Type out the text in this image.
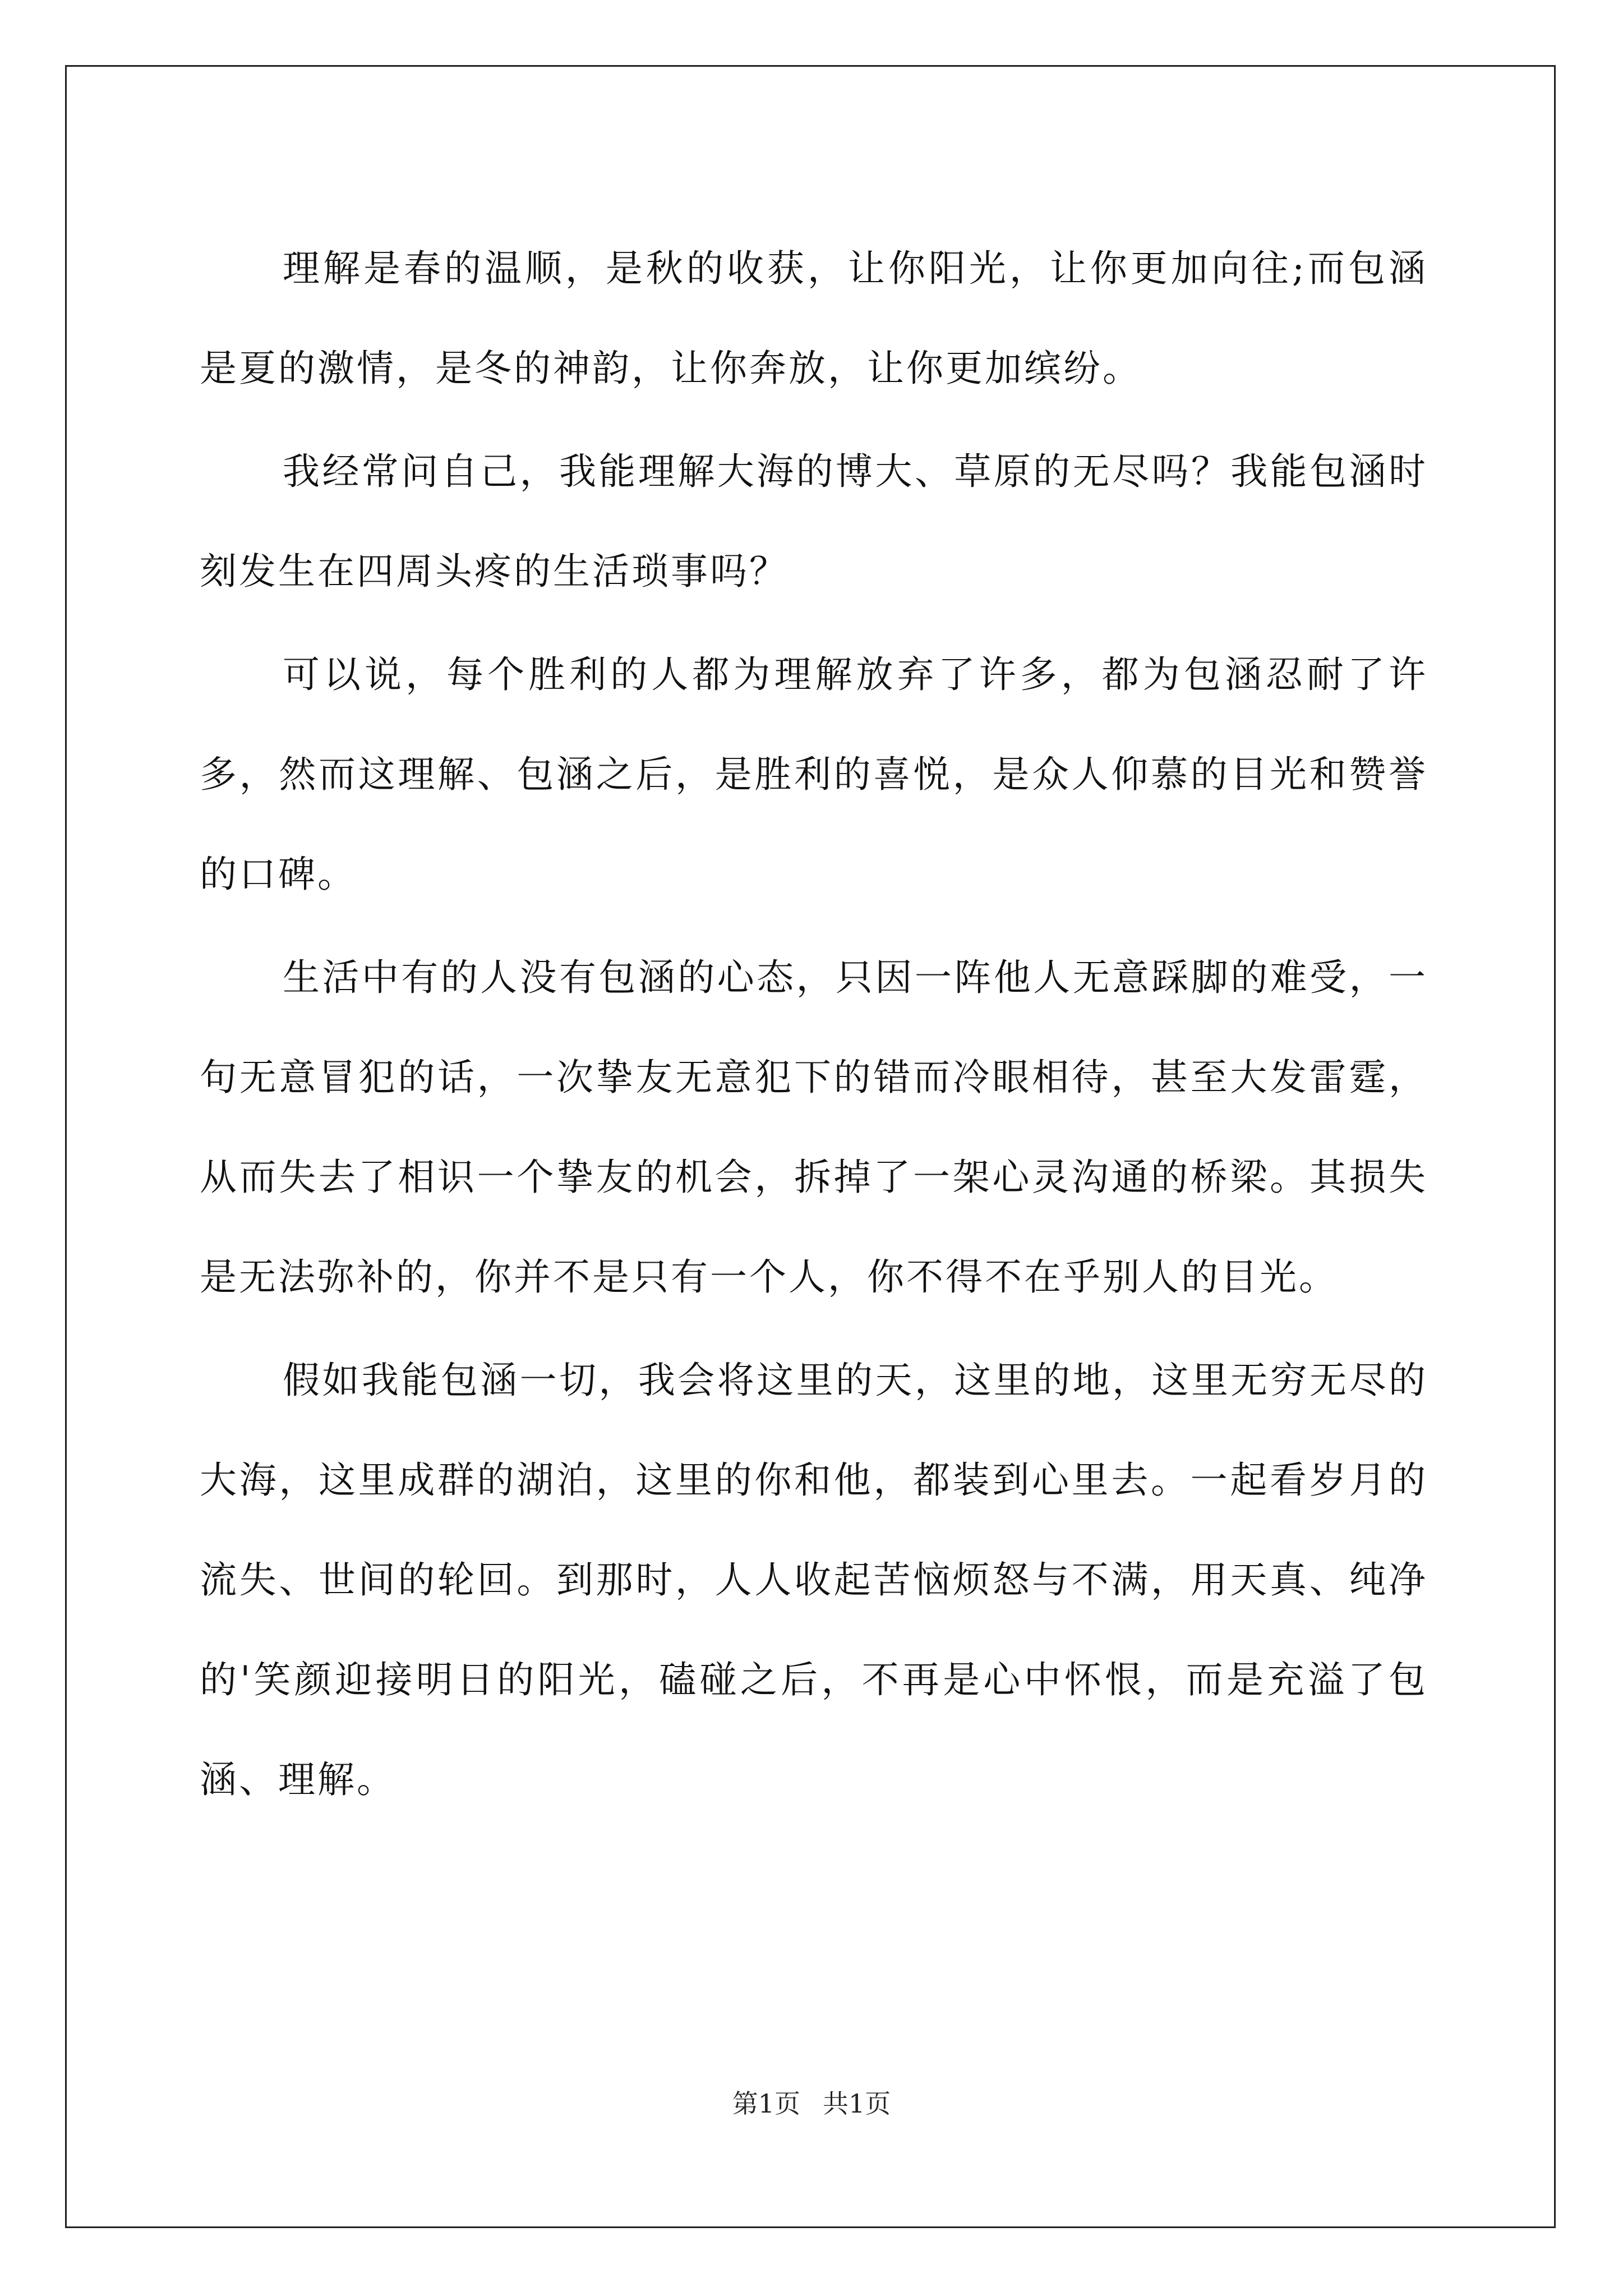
理解是春的温顺，是秋的收获，让你阳光，让你更加向往;而包涵是夏的激情，是冬的神韵，让你奔放，让你更加缤纷。

我经常问自己，我能理解大海的博大、草原的无尽吗？我能包涵时刻发生在四周头疼的生活琐事吗？

可以说，每个胜利的人都为理解放弃了许多，都为包涵忍耐了许多，然而这理解、包涵之后，是胜利的喜悦，是众人仰慕的目光和赞誉的口碑。

生活中有的人没有包涵的心态，只因一阵他人无意踩脚的难受，一句无意冒犯的话，一次挚友无意犯下的错而冷眼相待，甚至大发雷霆，从而失去了相识一个挚友的机会，拆掉了一架心灵沟通的桥梁。其损失是无法弥补的，你并不是只有一个人，你不得不在乎别人的目光。

假如我能包涵一切，我会将这里的天，这里的地，这里无穷无尽的大海，这里成群的湖泊，这里的你和他，都装到心里去。一起看岁月的流失、世间的轮回。到那时，人人收起苦恼烦怒与不满，用天真、纯净的'笑颜迎接明日的阳光，磕碰之后，不再是心中怀恨，而是充溢了包涵、理解。

第1页 共1页
